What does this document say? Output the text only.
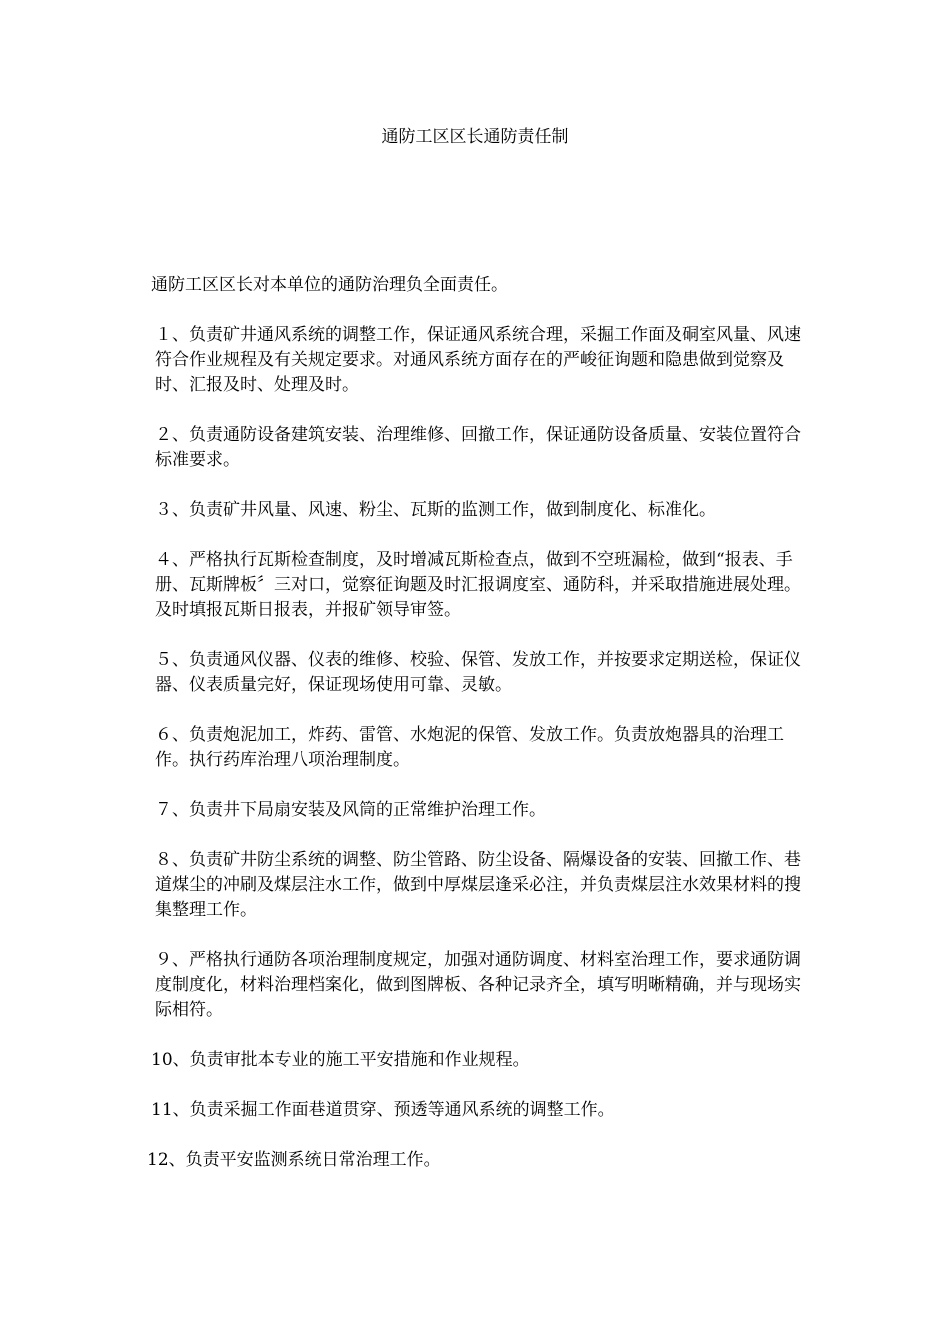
通防工区区长通防责任制

通防工区区长对本单位的通防治理负全面责任。

１、负责矿井通风系统的调整工作，保证通风系统合理，采掘工作面及硐室风量、风速符合作业规程及有关规定要求。对通风系统方面存在的严峻征询题和隐患做到觉察及时、汇报及时、处理及时。

２、负责通防设备建筑安装、治理维修、回撤工作，保证通防设备质量、安装位置符合标准要求。

３、负责矿井风量、风速、粉尘、瓦斯的监测工作，做到制度化、标准化。

４、严格执行瓦斯检查制度，及时增减瓦斯检查点，做到不空班漏检，做到“报表、手册、瓦斯牌板〞三对口，觉察征询题及时汇报调度室、通防科，并采取措施进展处理。及时填报瓦斯日报表，并报矿领导审签。

５、负责通风仪器、仪表的维修、校验、保管、发放工作，并按要求定期送检，保证仪器、仪表质量完好，保证现场使用可靠、灵敏。

６、负责炮泥加工，炸药、雷管、水炮泥的保管、发放工作。负责放炮器具的治理工作。执行药库治理八项治理制度。

７、负责井下局扇安装及风筒的正常维护治理工作。

８、负责矿井防尘系统的调整、防尘管路、防尘设备、隔爆设备的安装、回撤工作、巷道煤尘的冲刷及煤层注水工作，做到中厚煤层逢采必注，并负责煤层注水效果材料的搜集整理工作。

９、严格执行通防各项治理制度规定，加强对通防调度、材料室治理工作，要求通防调度制度化，材料治理档案化，做到图牌板、各种记录齐全，填写明晰精确，并与现场实际相符。

10、负责审批本专业的施工平安措施和作业规程。

11、负责采掘工作面巷道贯穿、预透等通风系统的调整工作。

12、负责平安监测系统日常治理工作。
